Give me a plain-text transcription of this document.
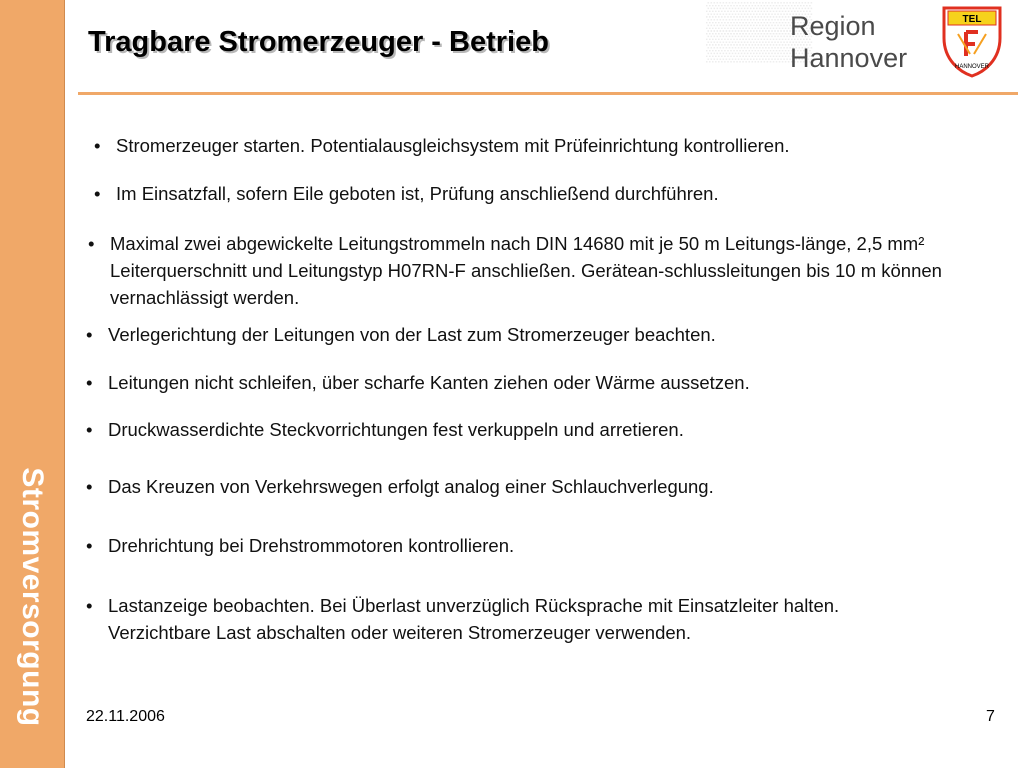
Stromversorgung
Tragbare Stromerzeuger - Betrieb
▒▒▒▒▒
▒▒▒▒▒
Region
Hannover
TEL
HANNOVER
• Stromerzeuger starten. Potentialausgleichsystem mit Prüfeinrichtung kontrollieren.
• Im Einsatzfall, sofern Eile geboten ist, Prüfung anschließend durchführen.
• Maximal zwei abgewickelte Leitungstrommeln nach DIN 14680 mit je 50 m Leitungs-länge, 2,5 mm² Leiterquerschnitt und Leitungstyp H07RN-F anschließen. Gerätean-schlussleitungen bis 10 m können vernachlässigt werden.
• Verlegerichtung der Leitungen von der Last zum Stromerzeuger beachten.
• Leitungen nicht schleifen, über scharfe Kanten ziehen oder Wärme aussetzen.
• Druckwasserdichte Steckvorrichtungen fest verkuppeln und arretieren.
• Das Kreuzen von Verkehrswegen erfolgt analog einer Schlauchverlegung.
• Drehrichtung bei Drehstrommotoren kontrollieren.
• Lastanzeige beobachten. Bei Überlast unverzüglich Rücksprache mit Einsatzleiter halten. Verzichtbare Last abschalten oder weiteren Stromerzeuger verwenden.
22.11.2006	7
